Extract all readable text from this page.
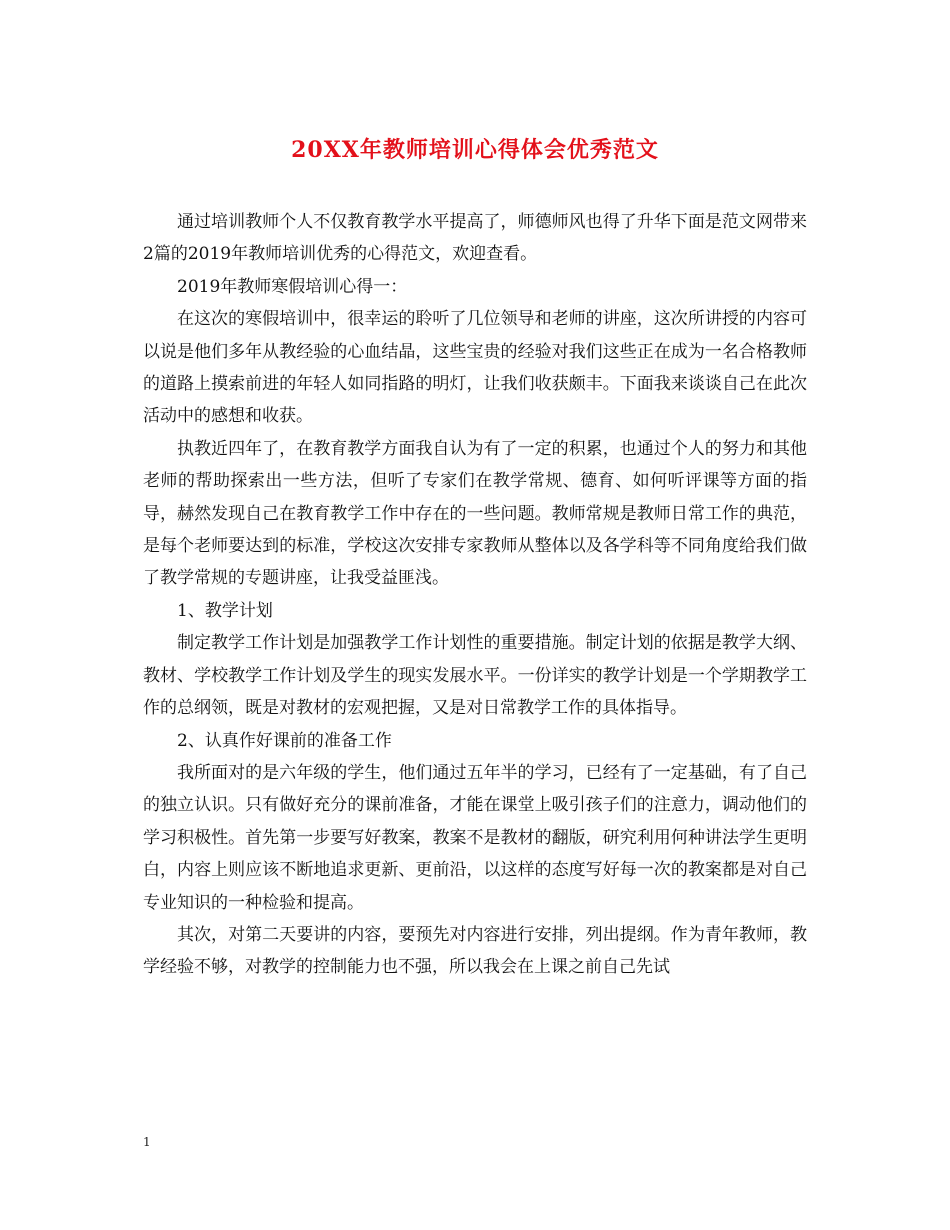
20XX年教师培训心得体会优秀范文

通过培训教师个人不仅教育教学水平提高了，师德师风也得了升华下面是范文网带来2篇的2019年教师培训优秀的心得范文，欢迎查看。

2019年教师寒假培训心得一：

在这次的寒假培训中，很幸运的聆听了几位领导和老师的讲座，这次所讲授的内容可以说是他们多年从教经验的心血结晶，这些宝贵的经验对我们这些正在成为一名合格教师的道路上摸索前进的年轻人如同指路的明灯，让我们收获颇丰。下面我来谈谈自己在此次活动中的感想和收获。

执教近四年了，在教育教学方面我自认为有了一定的积累，也通过个人的努力和其他老师的帮助探索出一些方法，但听了专家们在教学常规、德育、如何听评课等方面的指导，赫然发现自己在教育教学工作中存在的一些问题。教师常规是教师日常工作的典范，是每个老师要达到的标准，学校这次安排专家教师从整体以及各学科等不同角度给我们做了教学常规的专题讲座，让我受益匪浅。

1、教学计划

制定教学工作计划是加强教学工作计划性的重要措施。制定计划的依据是教学大纲、教材、学校教学工作计划及学生的现实发展水平。一份详实的教学计划是一个学期教学工作的总纲领，既是对教材的宏观把握，又是对日常教学工作的具体指导。

2、认真作好课前的准备工作

我所面对的是六年级的学生，他们通过五年半的学习，已经有了一定基础，有了自己的独立认识。只有做好充分的课前准备，才能在课堂上吸引孩子们的注意力，调动他们的学习积极性。首先第一步要写好教案，教案不是教材的翻版，研究利用何种讲法学生更明白，内容上则应该不断地追求更新、更前沿，以这样的态度写好每一次的教案都是对自己专业知识的一种检验和提高。

其次，对第二天要讲的内容，要预先对内容进行安排，列出提纲。作为青年教师，教学经验不够，对教学的控制能力也不强，所以我会在上课之前自己先试

1
